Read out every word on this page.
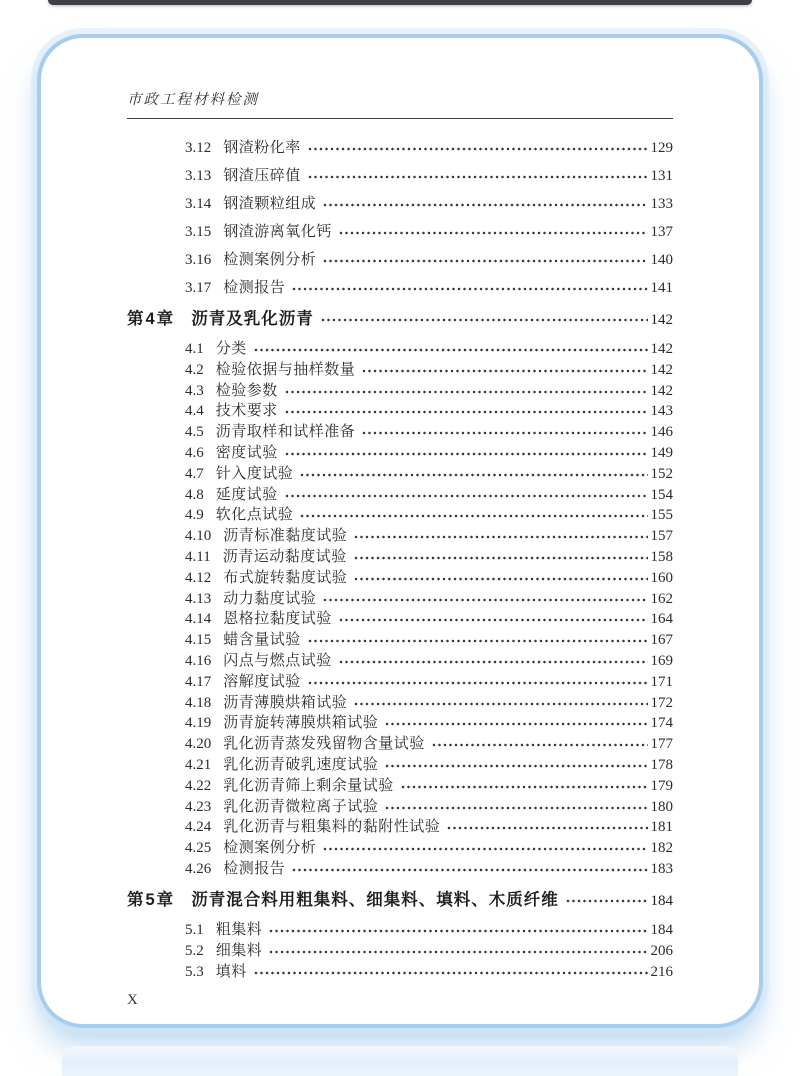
市政工程材料检测
3.12 钢渣粉化率	129
3.13 钢渣压碎值	131
3.14 钢渣颗粒组成	133
3.15 钢渣游离氧化钙	137
3.16 检测案例分析	140
3.17 检测报告	141
第4章 沥青及乳化沥青	142
4.1 分类	142
4.2 检验依据与抽样数量	142
4.3 检验参数	142
4.4 技术要求	143
4.5 沥青取样和试样准备	146
4.6 密度试验	149
4.7 针入度试验	152
4.8 延度试验	154
4.9 软化点试验	155
4.10 沥青标准黏度试验	157
4.11 沥青运动黏度试验	158
4.12 布式旋转黏度试验	160
4.13 动力黏度试验	162
4.14 恩格拉黏度试验	164
4.15 蜡含量试验	167
4.16 闪点与燃点试验	169
4.17 溶解度试验	171
4.18 沥青薄膜烘箱试验	172
4.19 沥青旋转薄膜烘箱试验	174
4.20 乳化沥青蒸发残留物含量试验	177
4.21 乳化沥青破乳速度试验	178
4.22 乳化沥青筛上剩余量试验	179
4.23 乳化沥青微粒离子试验	180
4.24 乳化沥青与粗集料的黏附性试验	181
4.25 检测案例分析	182
4.26 检测报告	183
第5章 沥青混合料用粗集料、细集料、填料、木质纤维	184
5.1 粗集料	184
5.2 细集料	206
5.3 填料	216
X
